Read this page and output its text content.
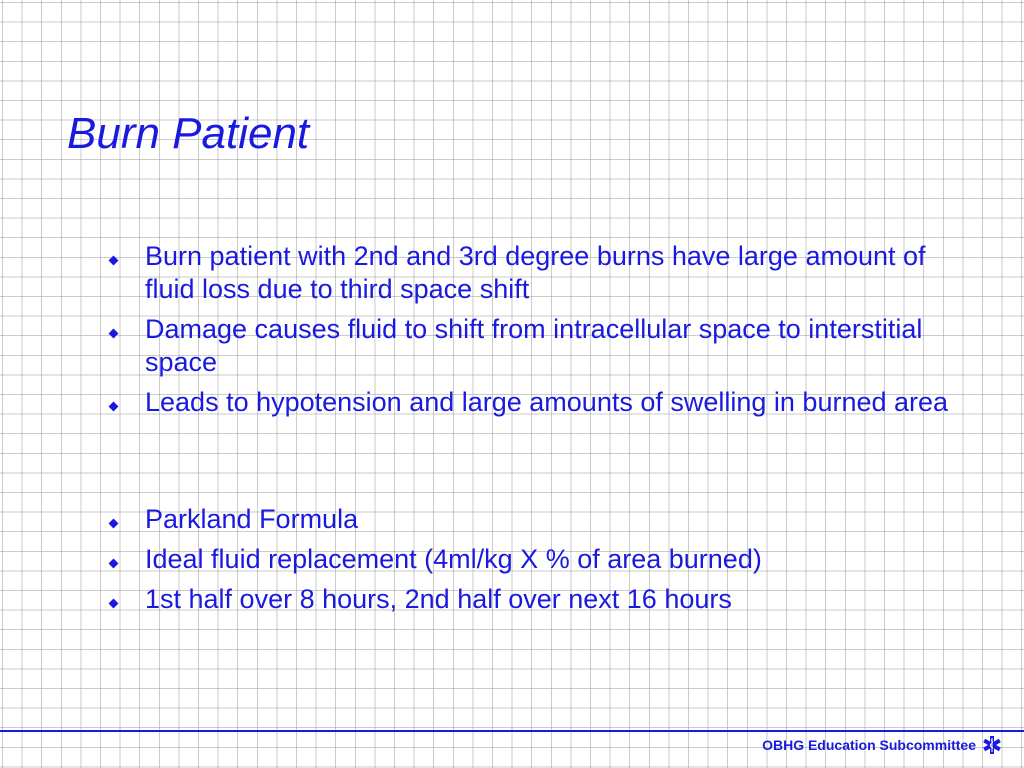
Burn Patient
Burn patient with 2nd and 3rd degree burns have large amount of fluid loss due to third space shift
Damage causes fluid to shift from intracellular space to interstitial space
Leads to hypotension and large amounts of swelling in burned area
Parkland Formula
Ideal fluid replacement (4ml/kg X % of area burned)
1st half over 8 hours, 2nd half over next 16 hours
OBHG Education Subcommittee
